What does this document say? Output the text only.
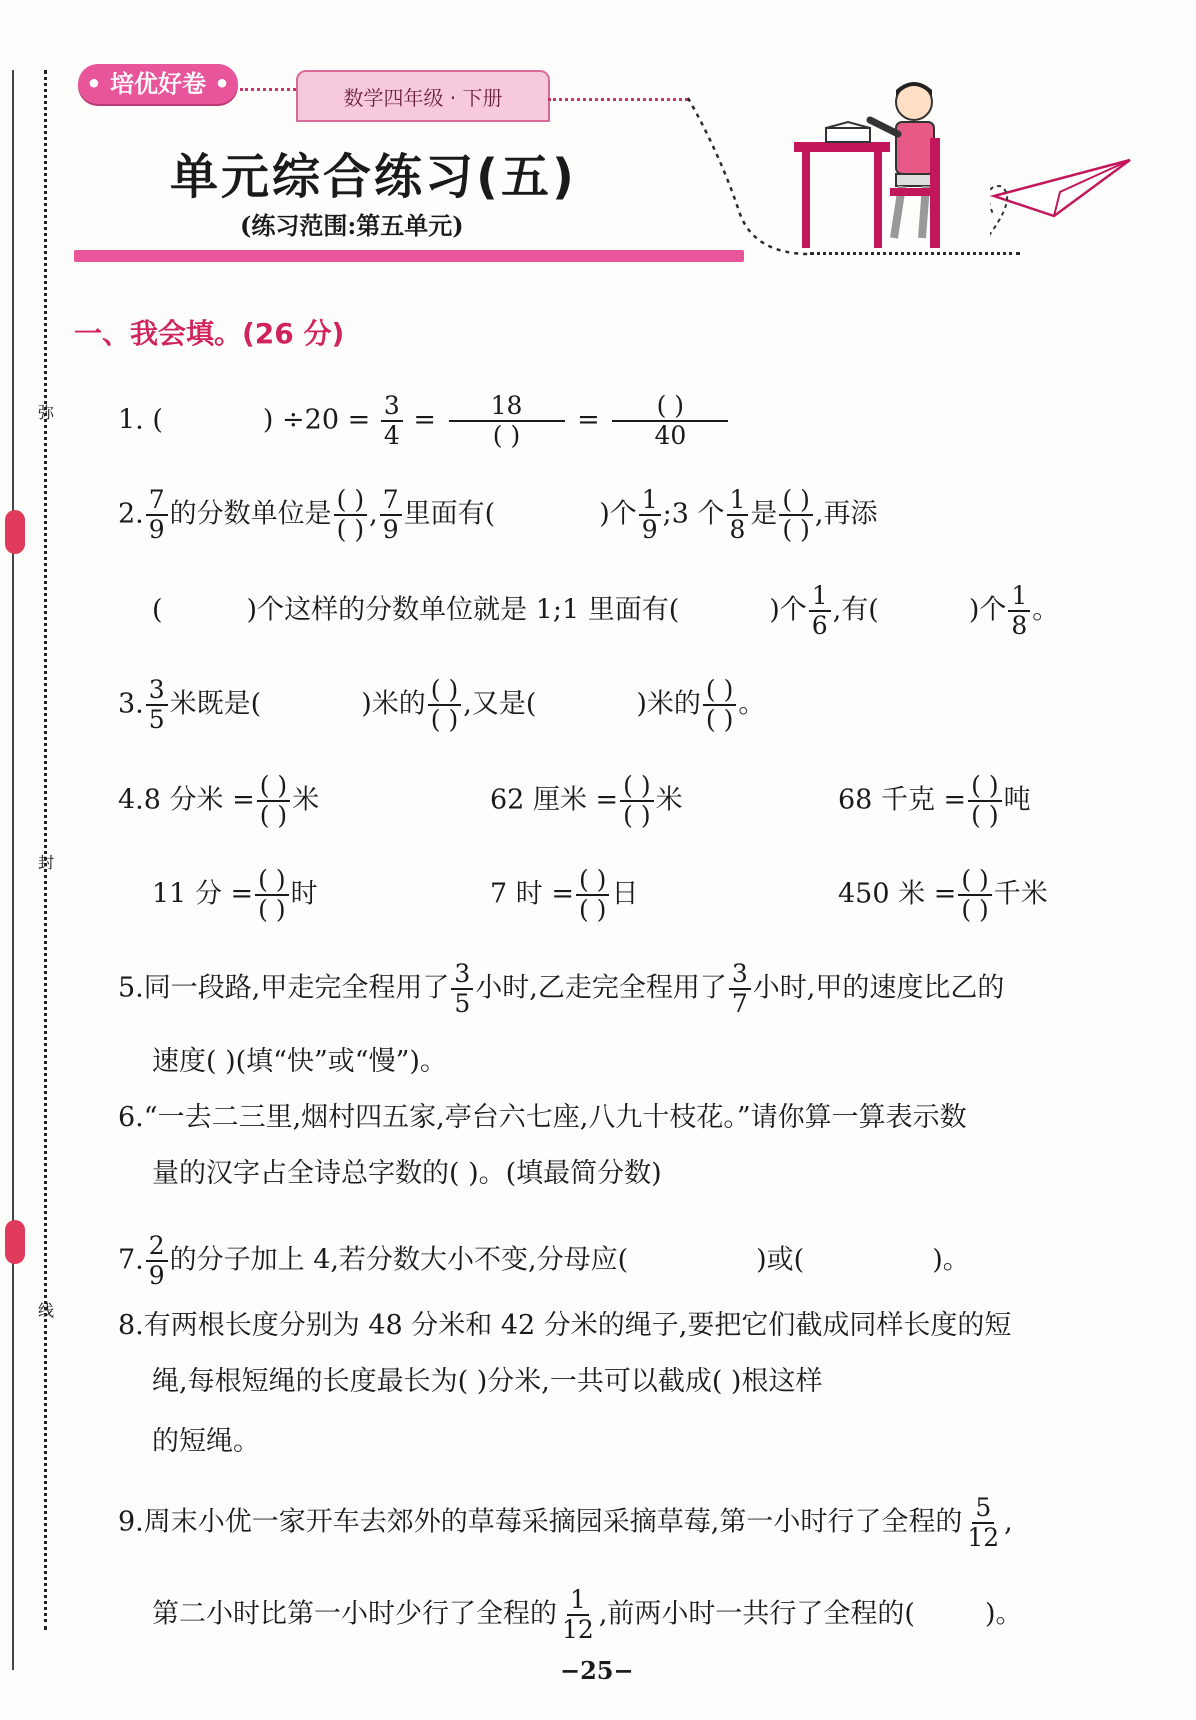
弥
封
线
• 培优好卷 •	数学四年级 · 下册
单元综合练习(五)
(练习范围:第五单元)
一、我会填。(26 分)
1. (	) $\div 20 = \frac{3}{4} = \frac{18}{( )} = \frac{( )}{40}$
2. $\frac{7}{9}$ 的分数单位是 $\frac{( )}{( )}$ , $\frac{7}{9}$ 里面有(	)个 $\frac{1}{9}$ ;3 个 $\frac{1}{8}$ 是 $\frac{( )}{( )}$ ,再添
(	)个这样的分数单位就是 1;1 里面有(	)个 $\frac{1}{6}$ ,有(	)个 $\frac{1}{8}$ 。
3. $\frac{3}{5}$ 米既是(	)米的 $\frac{( )}{( )}$ ,又是(	)米的 $\frac{( )}{( )}$ 。
4.8 分米 = $\frac{( )}{( )}$ 米	62 厘米 = $\frac{( )}{( )}$ 米	68 千克 = $\frac{( )}{( )}$ 吨
11 分 = $\frac{( )}{( )}$ 时	7 时 = $\frac{( )}{( )}$ 日	450 米 = $\frac{( )}{( )}$ 千米
5.同一段路,甲走完全程用了 $\frac{3}{5}$ 小时,乙走完全程用了 $\frac{3}{7}$ 小时,甲的速度比乙的
速度( )(填“快”或“慢”)。
6.“一去二三里,烟村四五家,亭台六七座,八九十枝花。”请你算一算表示数
量的汉字占全诗总字数的( )。(填最简分数)
7. $\frac{2}{9}$ 的分子加上 4,若分数大小不变,分母应(	)或(	)。
8.有两根长度分别为 48 分米和 42 分米的绳子,要把它们截成同样长度的短
绳,每根短绳的长度最长为( )分米,一共可以截成( )根这样
的短绳。
9.周末小优一家开车去郊外的草莓采摘园采摘草莓,第一小时行了全程的 $\frac{5}{12}$ ,
第二小时比第一小时少行了全程的 $\frac{1}{12}$ ,前两小时一共行了全程的(	)。
−25−
